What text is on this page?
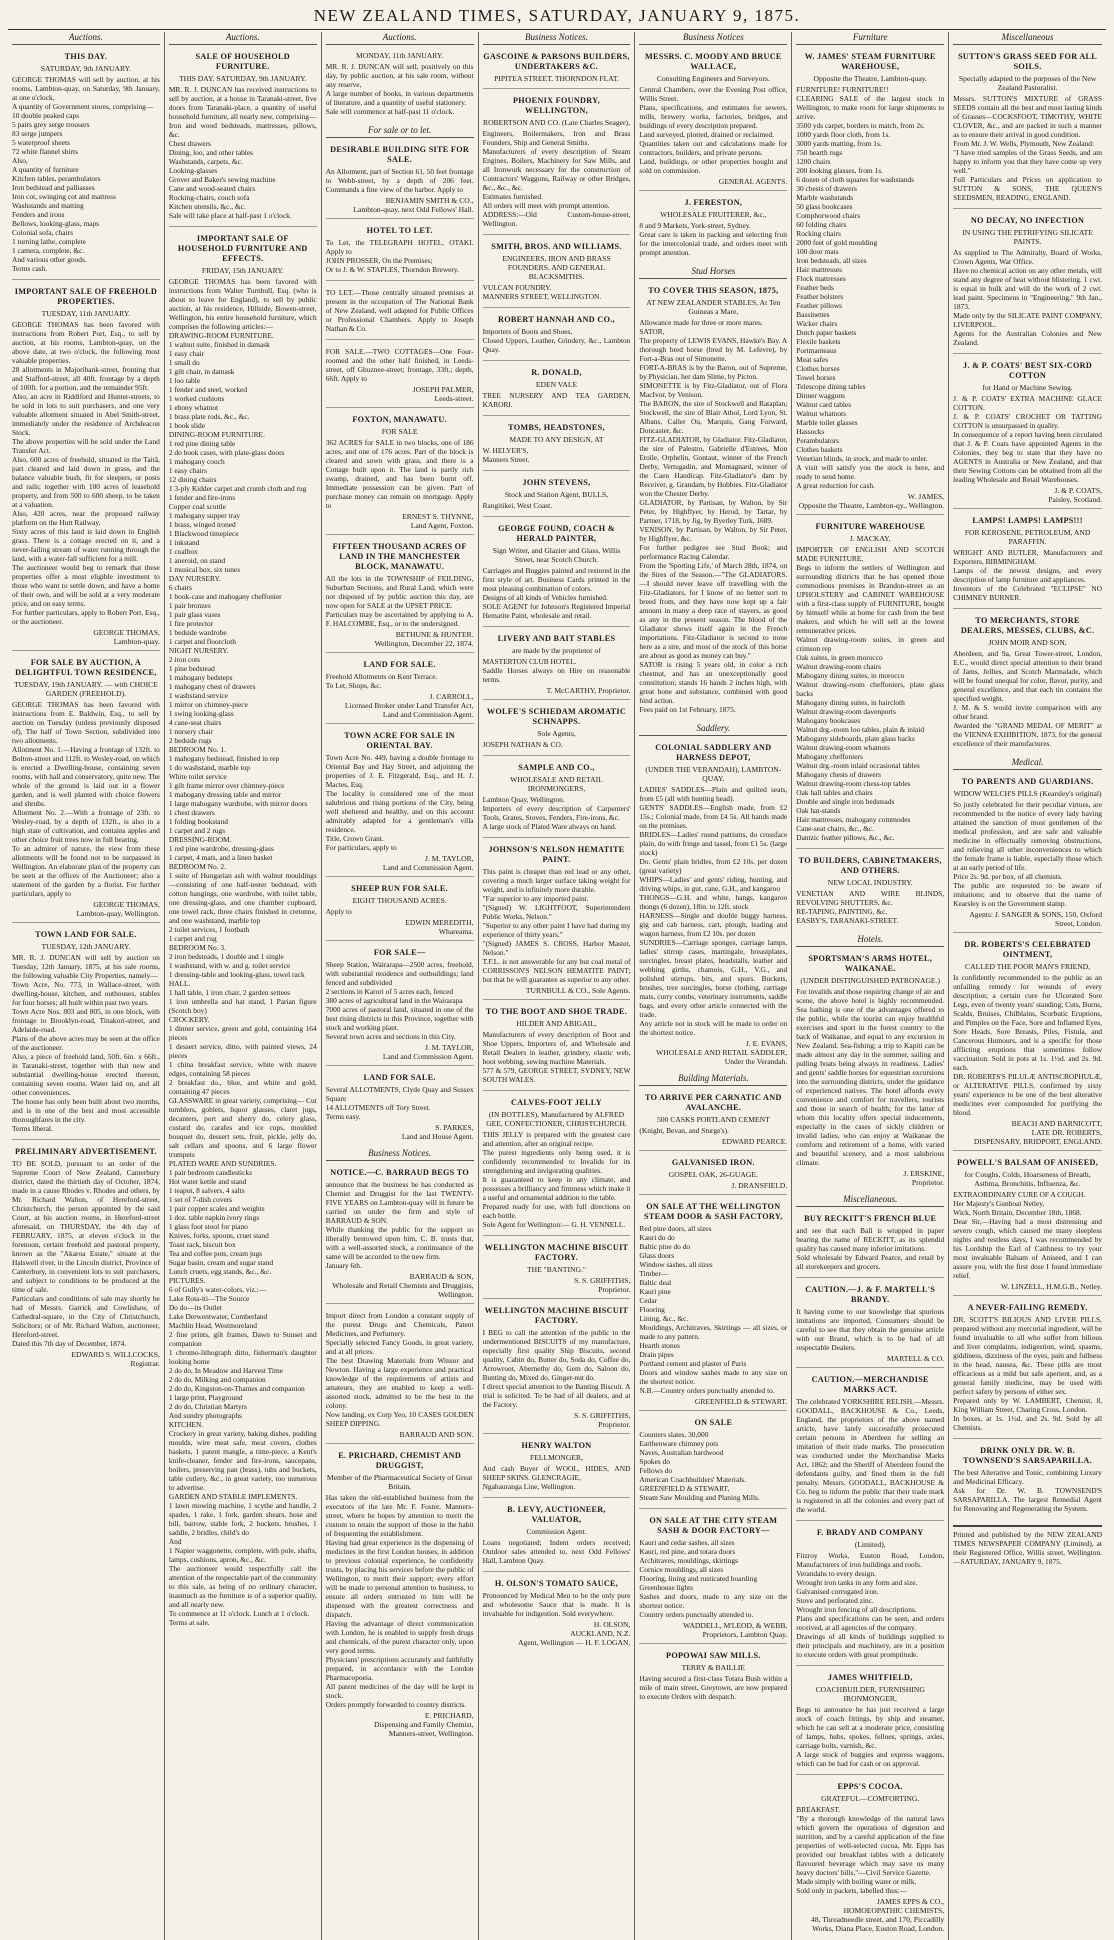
NEW ZEALAND TIMES, SATURDAY, JANUARY 9, 1875.
Auctions.
THIS DAY.
SATURDAY, 9th JANUARY.
GEORGE THOMAS will sell by auction, at his rooms, Lambton-quay, on Saturday, 9th January, at one o'clock,
A quantity of Government stores, comprising—
10 double peaked caps
5 pairs grey serge trousers
83 serge jumpers
5 waterproof sheets
72 white flannel shirts
Also,
A quantity of furniture
Kitchen tables, perambulators
Iron bedstead and palliasses
Iron cot, swinging cot and mattress
Washstands and matting
Fenders and irons
Bellows, looking-glass, maps
Colonial sofa, chairs
1 turning lathe, complete
1 camera, complete, &c.
And various other goods.
Terms cash.
IMPORTANT SALE OF FREEHOLD PROPERTIES.
TUESDAY, 11th JANUARY.
GEORGE THOMAS has been favored with instructions from Robert Port, Esq., to sell by auction, at his rooms, Lambton-quay, on the above date, at two o'clock, the following most valuable properties.
28 allotments in Majoribank-street, fronting that and Stafford-street, all 40ft. frontage by a depth of 100ft. for a portion, and the remainder 95ft.
Also, an acre in Riddiford and Hunter-streets, to be sold in lots to suit purchasers, and one very valuable allotment situated in Abel Smith-street, immediately under the residence of Archdeacon Stock.
The above properties will be sold under the Land Transfer Act.
Also, 600 acres of freehold, situated in the Taitā, part cleared and laid down in grass, and the balance valuable bush, fit for sleepers, or posts and rails; together with 100 acres of leasehold property, and from 500 to 600 sheep, to be taken at a valuation.
Also, 420 acres, near the proposed railway platform on the Hutt Railway.
Sixty acres of this land is laid down in English grass. There is a cottage erected on it, and a never-failing stream of water running through the land, with a water-fall sufficient for a mill.
The auctioneer would beg to remark that these properties offer a most eligible investment to those who want to settle down, and have a home of their own, and will be sold at a very moderate price, and on easy terms.
For further particulars, apply to Robert Port, Esq., or the auctioneer.
GEORGE THOMAS,
Lambton-quay.
FOR SALE BY AUCTION, A DELIGHTFUL TOWN RESIDENCE,
TUESDAY, 19th JANUARY. — with CHOICE GARDEN (FREEHOLD).
GEORGE THOMAS has been favored with instructions from E. Baldwin, Esq., to sell by auction on Tuesday (unless previously disposed of), The half of Town Section, subdivided into two allotments.
Allotment No. 1.—Having a frontage of 132ft. to Bolton-street and 112ft. to Wesley-road, on which is erected a Dwelling-house, containing seven rooms, with hall and conservatory, quite new. The whole of the ground is laid out in a flower garden, and is well planted with choice flowers and shrubs.
Allotment No. 2.—With a frontage of 23ft. to Wesley-road, by a depth of 132ft., is also in a high state of cultivation, and contains apples and other choice fruit trees now in full bearing.
To an admirer of nature, the view from these allotments will be found not to be surpassed in Wellington. An elaborate plan of the property can be seen at the offices of the Auctioneer; also a statement of the garden by a florist. For further particulars, apply to
GEORGE THOMAS,
Lambton-quay, Wellington.
TOWN LAND FOR SALE.
TUESDAY, 12th JANUARY.
MR. R. J. DUNCAN will sell by auction on Tuesday, 12th January, 1875, at his sale rooms, the following valuable City Properties, namely—
Town Acre, No. 773, in Wallace-street, with dwelling-house, kitchen, and outhouses, stables for four horses; all built within past two years.
Town Acre Nos. 803 and 805, in one block, with frontage to Brooklyn-road, Tinakori-street, and Adelaide-road.
Plans of the above acres may be seen at the office of the auctioneer.
Also, a piece of freehold land, 50ft. 6in. x 66ft., in Taranaki-street, together with that new and substantial dwelling-house erected thereon, containing seven rooms. Water laid on, and all other conveniences.
The house has only been built about two months, and is in one of the best and most accessible thoroughfares in the city.
Terms liberal.
PRELIMINARY ADVERTISEMENT.
TO BE SOLD, pursuant to an order of the Supreme Court of New Zealand, Canterbury district, dated the thirtieth day of October, 1874, made in a cause Rhodes v. Rhodes and others, by Mr. Richard Walton, of Hereford-street, Christchurch, the person appointed by the said Court, at his auction rooms, in Hereford-street aforesaid, on THURSDAY, the 4th day of FEBRUARY, 1875, at eleven o'clock in the forenoon, certain freehold and pastoral property, known as the "Akaroa Estate," situate at the Halswell river, in the Lincoln district, Province of Canterbury, in convenient lots to suit purchasers, and subject to conditions to be produced at the time of sale.
Particulars and conditions of sale may shortly be had of Messrs. Garrick and Cowlishaw, of Cathedral-square, in the City of Christchurch, Solicitors; or of Mr. Richard Walton, auctioneer, Hereford-street.
Dated this 7th day of December, 1874.
EDWARD S. WILLCOCKS,
Registrar.
Auctions.
SALE OF HOUSEHOLD FURNITURE.
THIS DAY. SATURDAY, 9th JANUARY.
MR. R. J. DUNCAN has received instructions to sell by auction, at a house in Taranaki-street, five doors from Taranaki-place, a quantity of useful household furniture, all nearly new, comprising—
Iron and wood bedsteads, mattresses, pillows, &c.
Chest drawers
Dining, loo, and other tables
Washstands, carpets, &c.
Looking-glasses
Grover and Baker's sewing machine
Cane and wood-seated chairs
Rocking-chairs, couch sofa
Kitchen utensils, &c., &c.
Sale will take place at half-past 1 o'clock.
IMPORTANT SALE OF HOUSEHOLD FURNITURE AND EFFECTS.
FRIDAY, 15th JANUARY.
GEORGE THOMAS has been favored with instructions from Walter Turnbull, Esq. (who is about to leave for England), to sell by public auction, at his residence, Hillside, Bowen-street, Wellington, his entire household furniture, which comprises the following articles:—
DRAWING-ROOM FURNITURE.
1 walnut suite, finished in damask
1 easy chair
1 small do
1 gilt chair, in damask
1 loo table
1 fender and steel, worked
1 worked cushions
1 ebony whatnot
1 brass plate rods, &c., &c.
1 book slide
DINING-ROOM FURNITURE.
1 red pine dining table
2 do book cases, with plate-glass doors
1 mahogany couch
1 easy chairs
12 dining chairs
1 3-ply Kidder carpet and crumb cloth and rug
1 fender and fire-irons
Copper coal scuttle
1 mahogany supper tray
1 brass, winged ironed
1 Blackwood timepiece
1 inkstand
1 coalbox
1 aneroid, on stand
1 musical box, six tunes
DAY NURSERY.
6 chairs
1 book-case and mahogany cheffonier
1 pair bronzes
1 pair glass vases
1 fire protector
1 bedside wardrobe
1 carpet and floorcloth
NIGHT NURSERY.
2 iron cots
1 pine bedstead
1 mahogany bedsteps
1 mahogany chest of drawers
1 washstand service
1 mirror on chimney-piece
1 swing looking-glass
4 cane-seat chairs
1 nursery chair
2 bedside rugs
BEDROOM No. 1.
1 mahogany bedstead, finished in rep
1 do washstand, marble top
White toilet service
1 gilt frame mirror over chimney-piece
1 mahogany dressing table and mirror
1 large mahogany wardrobe, with mirror doors
1 chest drawers
1 folding bookstand
1 carpet and 2 rugs
DRESSING-ROOM.
1 red pine wardrobe, dressing-glass
1 carpet, 4 mats, and a linen basket
BEDROOM No. 2.
1 suite of Hungarian ash with walnut mouldings—consisting of one half-tester bedstead, with cotton hangings, one wardrobe, with toilet table, one dressing-glass, and one chamber cupboard, one towel rack, three chairs finished in cretonne, and one washstand, marble top
2 toilet services, 1 footbath
1 carpet and rug
BEDROOM No. 3.
2 iron bedsteads, 1 double and 1 single
1 washstand, with w. and g. toilet service
1 dressing-table and looking-glass, towel rack
HALL.
1 hall table, 1 iron chair, 2 garden settees
1 iron umbrella and hat stand, 1 Parian figure (Scotch boy)
CROCKERY.
1 dinner service, green and gold, containing 164 pieces
1 dessert service, ditto, with painted views, 24 pieces
1 china breakfast service, white with mauve edges, containing 58 pieces
2 breakfast do., blue, and white and gold, containing 47 pieces
GLASSWARE in great variety, comprising— Cut tumblers, goblets, liquor glasses, claret jugs, decanters, port and sherry do, celery glass, custard do, carafes and ice cups, moulded bouquet do, dessert sets, fruit, pickle, jelly do, salt cellars and spoons, and 6 large flower trumpets
PLATED WARE AND SUNDRIES.
1 pair bedroom candlesticks
Hot water kettle and stand
1 teapot, 8 salvers, 4 salts
1 set of 7-dish covers
1 pair copper scales and weights
1 doz. table napkin ivory rings
1 glass foot stool for piano
Knives, forks, spoons, cruet stand
Toast rack, biscuit box
Tea and coffee pots, cream jugs
Sugar basin, cream and sugar stand
Lunch cruets, egg stands, &c., &c.
PICTURES.
6 of Gully's water-colors, viz.:—
Lake Rota-iti—The Source
Do do—its Outlet
Lake Derwentwater, Cumberland
Machlin Head, Westmoreland
2 fine prints, gilt frames, Dawn to Sunset and companion
1 chromo-lithograph ditto, fisherman's daughter looking home
2 do do, In Meadow and Harvest Time
2 do do, Milking and companion
2 do do, Kingston-on-Thames and companion
1 large print, Playground
2 do do, Christian Martyrs
And sundry photographs
KITCHEN.
Crockery in great variety, baking dishes, pudding moulds, wire meat safe, meat covers, clothes baskets, 1 patent mangle, a time-piece, a Kent's knife-cleaner, fender and fire-irons, saucepans, boilers, preserving pan (brass), tubs and buckets, table cutlery, &c., in great variety, too numerous to advertise.
GARDEN AND STABLE IMPLEMENTS.
1 lawn mowing machine, 1 scythe and handle, 2 spades, 1 rake, 1 fork, garden shears, hose and bill, barrow, stable fork, 2 buckets, brushes, 1 saddle, 2 bridles, child's do
And
1 Napier waggonette, complete, with pole, shafts, lamps, cushions, apron, &c., &c.
The auctioneer would respectfully call the attention of the respectable part of the community to this sale, as being of no ordinary character, inasmuch as the furniture is of a superior quality, and all nearly new.
To commence at 11 o'clock. Lunch at 1 o'clock.
Terms at sale.
Auctions.
MONDAY, 11th JANUARY.
MR. R. J. DUNCAN will sell, positively on this day, by public auction, at his sale room, without any reserve,
A large number of books, in various departments of literature, and a quantity of useful stationery.
Sale will commence at half-past 11 o'clock.
For sale or to let.
DESIRABLE BUILDING SITE FOR SALE.
An Allotment, part of Section 61, 50 feet frontage to Webb-street, by a depth of 206 feet. Commands a fine view of the harbor. Apply to
BENJAMIN SMITH & CO.,
Lambton-quay, next Odd Fellows' Hall.
HOTEL TO LET.
To Let, the TELEGRAPH HOTEL, OTAKI. Apply to
JOHN PROSSER, On the Premises;
Or to J. & W. STAPLES, Thorndon Brewery.
TO LET.—Those centrally situated premises at present in the occupation of The National Bank of New Zealand, well adapted for Public Offices or Professional Chambers. Apply to Joseph Nathan & Co.
FOR SALE.—TWO COTTAGES—One Four-roomed and the other half finished, in Leeds-street, off Ghuznee-street; frontage, 33ft.; depth, 66ft. Apply to
JOSEPH PALMER,
Leeds-street.
FOXTON, MANAWATU.
FOR SALE
362 ACRES for SALE in two blocks, one of 186 acres, and one of 176 acres. Part of the block is cleared and sown with grass, and there is a Cottage built upon it. The land is partly rich swamp, drained, and has been burnt off. Immediate possession can be given. Part of purchase money can remain on mortgage. Apply to
ERNEST S. THYNNE,
Land Agent, Foxton.
FIFTEEN THOUSAND ACRES OF LAND IN THE MANCHESTER BLOCK, MANAWATU.
All the lots in the TOWNSHIP of FEILDING, Suburban Sections, and Rural Land, which were not disposed of by public auction this day, are now open for SALE at the UPSET PRICE.
Particulars may be ascertained by applying to A. F. HALCOMBE, Esq., or to the undersigned.
BETHUNE & HUNTER.
Wellington, December 22, 1874.
LAND FOR SALE.
Freehold Allotments on Kent Terrace.
To Let, Shops, &c.
J. CARROLL,
Licensed Broker under Land Transfer Act,
Land and Commission Agent.
TOWN ACRE FOR SALE IN ORIENTAL BAY.
Town Acre No. 449, having a double frontage to Oriental Bay and Hay Street, and adjoining the properties of J. E. Fitzgerald, Esq., and H. J. Mactes, Esq.
The locality is considered one of the most salubrious and rising portions of the City, being well sheltered and healthy, and on this account admirably adapted for a gentleman's villa residence.
Title, Crown Grant.
For particulars, apply to
J. M. TAYLOR,
Land and Commission Agent.
SHEEP RUN FOR SALE.
EIGHT THOUSAND ACRES.
Apply to
EDWIN MEREDITH,
Whareama.
FOR SALE—
Sheep Station, Wairarapa—2500 acres, freehold, with substantial residence and outbuildings; land fenced and subdivided
2 sections in Karori of 5 acres each, fenced
380 acres of agricultural land in the Wairarapa
7000 acres of pastoral land, situated in one of the best rising districts in this Province, together with stock and working plant.
Several town acres and sections in this City.
J. M. TAYLOR,
Land and Commission Agent.
LAND FOR SALE.
Several ALLOTMENTS, Clyde Quay and Sussex Square
14 ALLOTMENTS off Tory Street.
Terms easy.
S. PARKES,
Land and House Agent.
Business Notices.
NOTICE.—C. BARRAUD BEGS TO
announce that the business he has conducted as Chemist and Druggist for the last TWENTY-FIVE YEARS on Lambton-quay will in future be carried on under the firm and style of BARRAUD & SON.
While thanking the public for the support so liberally bestowed upon him, C. B. trusts that, with a well-assorted stock, a continuance of the same will be accorded to the new firm.
January 6th.
BARRAUD & SON,
Wholesale and Retail Chemists and Druggists,
Wellington.
Import direct from London a constant supply of the purest Drugs and Chemicals, Patent Medicines, and Perfumery.
Specially selected Fancy Goods, in great variety, and at all prices.
The best Drawing Materials from Winsor and Newton. Having a large experience and practical knowledge of the requirements of artists and amateurs, they are enabled to keep a well-assorted stock, admitted to be the best in the colony.
Now landing, ex Corp Yeo, 10 CASES GOLDEN SHEEP DIPPING.
BARRAUD AND SON.
E. PRICHARD, CHEMIST AND DRUGGIST,
Member of the Pharmaceutical Society of Great Britain,
Has taken the old-established business from the executors of the late Mr. F. Foster, Manners-street, where he hopes by attention to merit the custom to retain the support of those in the habit of frequenting the establishment.
Having had great experience in the dispensing of medicines in the first London houses, in addition to previous colonial experience, he confidently trusts, by placing his services before the public of Wellington, to merit their support; every effort will be made to personal attention to business, to ensure all orders entrusted to him will be dispensed with the greatest correctness and dispatch.
Having the advantage of direct communication with London, he is enabled to supply fresh drugs and chemicals, of the purest character only, upon very good terms.
Physicians' prescriptions accurately and faithfully prepared, in accordance with the London Pharmacopoeia.
All patent medicines of the day will be kept in stock.
Orders promptly forwarded to country districts.
E. PRICHARD,
Dispensing and Family Chemist,
Manners-street, Wellington.
Business Notices.
GASCOINE & PARSONS BUILDERS, UNDERTAKERS &C.
PIPITEA STREET, THORNDON FLAT.
PHOENIX FOUNDRY, WELLINGTON,
ROBERTSON AND CO. (Late Charles Seager),
Engineers, Boilermakers, Iron and Brass Founders, Ship and General Smiths.
Manufacturers of every description of Steam Engines, Boilers, Machinery for Saw Mills, and all Ironwork necessary for the construction of Contractors' Waggons, Railway or other Bridges, &c., &c., &c.
Estimates furnished.
All orders will meet with prompt attention.
ADDRESS:—Old Custom-house-street, Wellington.
SMITH, BROS. AND WILLIAMS.
ENGINEERS, IRON AND BRASS FOUNDERS, AND GENERAL BLACKSMITHS.
VULCAN FOUNDRY.
MANNERS STREET, WELLINGTON.
ROBERT HANNAH AND CO.,
Importers of Boots and Shoes,
Closed Uppers, Leather, Grindery, &c., Lambton Quay.
R. DONALD,
EDEN VALE
TREE NURSERY AND TEA GARDEN, KARORI.
TOMBS, HEADSTONES,
MADE TO ANY DESIGN, AT
W. HELYER'S,
Manners Street.
JOHN STEVENS,
Stock and Station Agent, BULLS,
Rangitikei, West Coast.
GEORGE FOUND, COACH & HERALD PAINTER,
Sign Writer, and Glazier and Glass, Willis Street, near Scotch Church.
Carriages and Buggies painted and restored in the first style of art. Business Cards printed in the most pleasing combination of colors.
Designs of all kinds of Vehicles furnished.
SOLE AGENT for Johnson's Registered Imperial Hematite Paint, wholesale and retail.
LIVERY AND BAIT STABLES
are made by the proprietor of
MASTERTON CLUB HOTEL.
Saddle Horses always on Hire on reasonable terms.
T. McCARTHY, Proprietor.
WOLFE'S SCHIEDAM AROMATIC SCHNAPPS.
Sole Agents,
JOSEPH NATHAN & CO.
SAMPLE AND CO.,
WHOLESALE AND RETAIL IRONMONGERS,
Lambton Quay, Wellington.
Importers of every description of Carpenters' Tools, Grates, Stoves, Fenders, Fire-irons, &c.
A large stock of Plated Ware always on hand.
JOHNSON'S NELSON HEMATITE PAINT.
This paint is cheaper than red lead or any other, covering a much larger surface taking weight for weight, and is infinitely more durable.
"Far superior to any imported paint.
"(Signed) W. LIGHTFOOT, Superintendent Public Works, Nelson."
"Superior to any other paint I have had during my experience of thirty years."
"(Signed) JAMES S. CROSS, Harbor Master, Nelson."
T.F.L. is not answerable for any but coal metal of CORRISSON'S NELSON HEMATITE PAINT; but that he will guarantee as superior to any other.
TURNBULL & CO., Sole Agents.
TO THE BOOT AND SHOE TRADE.
HILDER AND ABIGAIL,
Manufacturers of every description of Boot and Shoe Uppers, Importers of, and Wholesale and Retail Dealers in leather, grindery, elastic web, boot webbing, sewing machine Materials.
577 & 579, GEORGE STREET, SYDNEY, NEW SOUTH WALES.
CALVES-FOOT JELLY
(IN BOTTLES), Manufactured by ALFRED GEE, CONFECTIONER, CHRISTCHURCH.
THIS JELLY is prepared with the greatest care and attention, after an original recipe.
The purest ingredients only being used, it is confidently recommended to Invalids for its strengthening and invigorating qualities.
It is guaranteed to keep in any climate, and possesses a brilliancy and firmness which make it a useful and ornamental addition to the table.
Prepared ready for use, with full directions on each bottle.
Sole Agent for Wellington:— G. H. VENNELL.
WELLINGTON MACHINE BISCUIT FACTORY.
THE "BANTING."
S. S. GRIFFITHS,
Proprietor.
WELLINGTON MACHINE BISCUIT FACTORY.
I BEG to call the attention of the public to the undermentioned BISCUITS of my manufacture, especially first quality Ship Biscuits, second quality, Cabin do, Butter do, Soda do, Coffee do, Arrowroot, Abernethy do, Gem do, Saloon do, Bunting do, Mixed do, Ginger-nut do.
I direct special attention to the Banting Biscuit. A trial is solicited. To be had of all dealers, and at the Factory.
S. S. GRIFFITHS,
Proprietor.
HENRY WALTON
FELLMONGER,
And cash Buyer of WOOL, HIDES, AND SHEEP SKINS. GLENCRAGIE,
Ngahauranga Line, Wellington.
B. LEVY, AUCTIONEER, VALUATOR,
Commission Agent.
Loans negotiated; Indent orders received; Outdoor sales attended to, next Odd Fellows' Hall, Lambton Quay.
H. OLSON'S TOMATO SAUCE,
Pronounced by Medical Men to be the only pure and wholesome Sauce that is made. It is invaluable for indigestion. Sold everywhere.
H. OLSON,
AUCKLAND, N.Z.
Agent, Wellington — H. F. LOGAN.
Business Notices
MESSRS. C. MOODY AND BRUCE WALLACE,
Consulting Engineers and Surveyors.
Central Chambers, over the Evening Post office, Willis Street.
Plans, specifications, and estimates for sewers, mills, brewery works, factories, bridges, and buildings of every description prepared.
Land surveyed, plotted, drained or reclaimed.
Quantities taken out and calculations made for contractors, builders, and private persons.
Land, buildings, or other properties bought and sold on commission.
GENERAL AGENTS.
J. FERESTON,
WHOLESALE FRUITERER, &c.,
8 and 9 Markets, York-street, Sydney.
Great care is taken in packing and selecting fruit for the intercolonial trade, and orders meet with prompt attention.
Stud Horses
TO COVER THIS SEASON, 1875,
AT NEW ZEALANDER STABLES, At Ten Guineas a Mare,
Allowance made for three or more mares.
SATOR,
The property of LEWIS EVANS, Hawke's Bay. A thorough bred horse (bred by M. Lefevre), by Fort-a-Bras out of Simonette.
FORT-A-BRAS is by the Baron, out of Supreme, by Physician, her dam Slime, by Picton.
SIMONETTE is by Fitz-Gladiator, out of Flora MacIvor, by Venison.
The BARON, the sire of Stockwell and Rataplan; Stockwell, the sire of Blair Athol, Lord Lyon, St. Albans, Caller Ou, Marquis, Gang Forward, Doncaster, &c.
FITZ-GLADIATOR, by Gladiator. Fitz-Gladiator, the sire of Palestro, Gabrielle d'Estrees, Mon Etoile, Orphelin, Gontaut, winner of the French Derby, Vertugadin, and Montagnard, winner of the Caen Handicap. Fitz-Gladiator's dam by Receiver, g. Grandam, by Hobbies. Fitz-Gladiator won the Chester Derby.
GLADIATOR, by Partisan, by Walton, by Sir Peter, by Highflyer, by Herod, by Tartar, by Partner, 1718, by Jig, by Byerley Turk, 1689.
VENISON, by Partisan, by Walton, by Sir Peter, by Highflyer, &c.
For further pedigree see Stud Book; and performance Racing Calendar.
From the 'Sporting Life,' of March 28th, 1874, on the Sires of the Season.—"The GLADIATORS.—I should never leave off travelling with the Fitz-Gladiators, for I know of no better sort to breed from, and they have now kept up a fair amount in many a deep race of stayers, as good as any in the present season. The blood of the Gladiator shows itself again in the French importations. Fitz-Gladiator is second to none here as a sire, and most of the stock of this horse are about as good as money can buy."
SATOR is rising 5 years old, in color a rich chestnut, and has an unexceptionally good constitution; stands 16 hands 2 inches high, with great bone and substance, combined with good hind action.
Fees paid on 1st February, 1875.
Saddlery.
COLONIAL SADDLERY AND HARNESS DEPOT,
(UNDER THE VERANDAH), LAMBTON-QUAY.
LADIES' SADDLES—Plain and quilted seats, from £5 (all with hunting head).
GENTS' SADDLES—English made, from £2 15s.; Colonial made, from £4 5s. All hands made on the premises.
BRIDLES—Ladies' round pattisms, do crossface plain, do with fringe and tassel, from £1 5s. (large stock)
Do. Gents' plain bridles, from £2 10s. per dozen (great variety)
WHIPS—Ladies' and gents' riding, hunting, and driving whips, in gut, cane, G.H., and kangaroo
THONGS—G.H. and white, hangs, kangaroo thongs (6 dozen), 18in. to 12ft. stock
HARNESS—Single and double buggy harness, gig and cab harness, cart, plough, leading and wagon harness, from £2 10s. per dozen
SUNDRIES—Carriage sponges, carriage lamps, ladies' stirrup cases, martingale, breastplates, surcingles, breast plates, headstalls, leather and webbing girths, chamois, G.H., V.G., and polished stirrups, bits, and spurs. Buckets, brushes, tree surcingles, horse clothing, carriage mats, curry combs, veterinary instruments, saddle bags, and every other article connected with the trade.
Any article not in stock will be made to order on the shortest notice.
J. E. EVANS,
WHOLESALE AND RETAIL SADDLER,
Under the Verandah.
Building Materials.
TO ARRIVE PER CARNATIC AND AVALANCHE.
500 CASKS PORTLAND CEMENT
(Knight, Bevan, and Sturge's).
EDWARD PEARCE.
GALVANISED IRON.
GOSPEL OAK, 26-GUAGE.
J. DRANSFIELD.
ON SALE AT THE WELLINGTON STEAM DOOR & SASH FACTORY,
Red pine doors, all sizes
Kauri do do
Baltic pine do do
Glass doors
Window sashes, all sizes
Timber—
Baltic deal
Kauri pine
Cedar
Flooring
Lining, &c., &c.
Mouldings, Architraves, Skirtings — all sizes, or made to any pattern.
Hearth stones
Drain pipes
Portland cement and plaster of Paris
Doors and window sashes made to any size on the shortest notice.
N.B.—Country orders punctually attended to.
GREENFIELD & STEWART.
ON SALE
Counters slates, 30,000
Earthenware chimney pots
Naves, Australian hardwood
Spokes do
Fellows do
American Coachbuilders' Materials.
GREENFIELD & STEWART,
Steam Saw Moulding and Planing Mills.
ON SALE AT THE CITY STEAM SASH & DOOR FACTORY—
Kauri and cedar sashes, all sizes
Kauri, red pine, and totara doors
Architraves, mouldings, skirtings
Cornice mouldings, all sizes
Flooring, lining and rusticated boarding
Greenhouse lights
Sashes and doors, made to any size on the shortest notice.
Country orders punctually attended to.
WADDELL, M'LEOD, & WEBB,
Proprietors, Lambton Quay.
POPOWAI SAW MILLS.
TERRY & BAILLIE
Having secured a first-class Totara Bush within a mile of main street, Greytown, are now prepared to execute Orders with despatch.
Furniture
W. JAMES' STEAM FURNITURE WAREHOUSE,
Opposite the Theatre, Lambton-quay.
FURNITURE! FURNITURE!!
CLEARING SALE of the largest stock in Wellington, to make room for large shipments to arrive.
3500 yds carpet, borders to match, from 2s.
1000 yards floor cloth, from 1s.
3000 yards matting, from 1s.
750 hearth rugs
1200 chairs
200 looking glasses, from 1s.
6 dozen of cloth squares for washstands
30 chests of drawers
Marble washstands
50 glass bookcases
Comphorwood chairs
60 folding chairs
Rocking chairs
2000 feet of gold moulding
100 door mats
Iron bedsteads, all sizes
Hair mattresses
Flock mattresses
Feather beds
Feather bolsters
Feather pillows
Bassinettes
Wicker chairs
Dutch paper baskets
Flexile baskets
Portmanteaus
Meat safes
Clothes horses
Towel horses
Telescope dining tables
Dinner waggons
Walnut card tables
Walnut whatnots
Marble toilet glasses
Hassocks
Perambulators
Clothes baskets
Venetian blinds, in stock, and made to order.
A visit will satisfy you the stock is here, and ready to send home.
A great reduction for cash.
W. JAMES,
Opposite the Theatre, Lambton-qy., Wellington.
FURNITURE WAREHOUSE
J. MACKAY,
IMPORTER OF ENGLISH AND SCOTCH MADE FURNITURE,
Begs to inform the settlers of Wellington and surrounding districts that he has opened those commodious premises in Brandon-street as an UPHOLSTERY and CABINET WAREHOUSE with a first-class supply of FURNITURE, bought by himself while at home for cash from the best makers, and which he will sell at the lowest remunerative prices.
Walnut drawing-room suites, in green and crimson rep
Oak suites, in green moroccо
Walnut drawing-room chairs
Mahogany dining suites, in moroccо
Walnut drawing-room cheffoniers, plate glass backs
Mahogany dining suites, in haircloth
Walnut drawing-room davenports
Mahogany bookcases
Walnut drg.-room loo tables, plain & inlaid
Mahogany sideboards, plate glass backs
Walnut drawing-room whatnots
Mahogany cheffoniers
Walnut drg.-room inlaid occasional tables
Mahogany chests of drawers
Walnut drawing-room chess-top tables
Oak hall tables and chairs
Double and single iron bedsteads
Oak hat-stands
Hair mattresses, mahogany commodes
Cane-seat chairs, &c., &c.
Dantzic feather pillows, &c., &c.
TO BUILDERS, CABINETMAKERS, AND OTHERS.
NEW LOCAL INDUSTRY.
VENETIAN AND WIRE BLINDS, REVOLVING SHUTTERS, &c.
RE-TAPING, PAINTING, &c.
EASBY'S, TARANAKI-STREET.
Hotels.
SPORTSMAN'S ARMS HOTEL, WAIKANAE.
(UNDER DISTINGUISHED PATRONAGE.)
For invalids and those requiring change of air and scene, the above hotel is highly recommended. Sea bathing is one of the advantages offered to the public, while the tourist can enjoy healthful exercises and sport in the forest country to the back of Waikanae, and equal to any excursion in New Zealand. Sea-fishing; a trip to Kapiti can be made almost any day in the summer, sailing and pulling boats being always in readiness. Ladies' and gents' saddle horses for equestrian excursions into the surrounding districts, under the guidance of experienced natives. The hotel affords every convenience and comfort for travellers, tourists and those in search of health; for the latter of whom this locality offers special inducements, especially in the cases of sickly children or invalid ladies, who can enjoy at Waikanae the comforts and retirement of a home, with varied and beautiful scenery, and a most salubrious climate.
J. ERSKINE,
Proprietor.
Miscellaneous.
BUY RECKITT'S FRENCH BLUE
and see that each Ball is wrapped in paper bearing the name of RECKITT, as its splendid quality has caused many inferior imitations.
Sold wholesale by Edward Pearce, and retail by all storekeepers and grocers.
CAUTION.—J. & F. MARTELL'S BRANDY.
It having come to our knowledge that spurious imitations are imported, Consumers should be careful to see that they obtain the genuine article with our Brand, which is to be had of all respectable Dealers.
MARTELL & CO.
CAUTION.—MERCHANDISE MARKS ACT.
The celebrated YORKSHIRE RELISH.—Messrs. GOODALL, BACKHOUSE & Co., Leeds, England, the proprietors of the above named article, have lately successfully prosecuted certain persons in Aberdeen for selling an imitation of their trade marks. The prosecution was conducted under the Merchandise Marks Act, 1862; and the Sheriff of Aberdeen found the defendants guilty, and fined them in the full penalty. Messrs. GOODALL, BACKHOUSE & Co. beg to inform the public that their trade mark is registered in all the colonies and every part of the world.
F. BRADY AND COMPANY
(Limited),
Fitzroy Works, Euston Road, London, Manufacturers of iron buildings and roofs.
Verandahs to every design.
Wrought iron tanks in any form and size.
Galvanised corrugated iron.
Stove and perforated zinc.
Wrought iron fencing of all descriptions.
Plans and specifications can be seen, and orders received, at all agencies of the company.
Drawings of all kinds of buildings supplied to their principals and machinery, are in a position to execute orders with great promptitude.
JAMES WHITFIELD,
COACHBUILDER, FURNISHING IRONMONGER,
Begs to announce he has just received a large stock of coach fittings, by ship and steamer, which he can sell at a moderate price, consisting of lamps, hubs, spokes, felloes, springs, axles, carriage bolts, varnish, &c.
A large stock of buggies and express waggons, which can be had for cash or on approval.
EPPS'S COCOA.
GRATEFUL—COMFORTING.
BREAKFAST.
"By a thorough knowledge of the natural laws which govern the operations of digestion and nutrition, and by a careful application of the fine properties of well-selected cocoa, Mr. Epps has provided our breakfast tables with a delicately flavoured beverage which may save us many heavy doctors' bills."—Civil Service Gazette.
Made simply with boiling water or milk.
Sold only in packets, labelled thus:—
JAMES EPPS & CO.,
HOMOEOPATHIC CHEMISTS,
48, Threadneedle street, and 170, Piccadilly
Works, Diana Place, Euston Road, London.
Miscellaneous
SUTTON'S GRASS SEED FOR ALL SOILS.
Specially adapted to the purposes of the New Zealand Pastoralist.
Messrs. SUTTON'S MIXTURE of GRASS SEEDS contain all the best and most lasting kinds of Grasses—COCKSFOOT, TIMOTHY, WHITE CLOVER, &c., and are packed in such a manner as to ensure their arrival in good condition.
From Mr. J. W. Wells, Plymouth, New Zealand:
"I have tried samples of the Grass Seeds, and am happy to inform you that they have come up very well."
Full Particulars and Prices on application to SUTTON & SONS, THE QUEEN'S SEEDSMEN, READING, ENGLAND.
NO DECAY, NO INFECTION
IN USING THE PETRIFYING SILICATE PAINTS.
As supplied to The Admiralty, Board of Works, Crown Agents, War Office.
Have no chemical action on any other metals, will stand any degree of heat without blistering. 1 cwt. is equal in bulk and will do the work of 2 cwt. lead paint. Specimens in "Engineering," 9th Jan., 1873.
Made only by the SILICATE PAINT COMPANY, LIVERPOOL.
Agents for the Australian Colonies and New Zealand.
J. & P. COATS' BEST SIX-CORD COTTON
for Hand or Machine Sewing.
J. & P. COATS' EXTRA MACHINE GLACE COTTON.
J. & P. COATS' CROCHET OR TATTING COTTON is unsurpassed in quality.
In consequence of a report having been circulated that J. & P. Coats have appointed Agents in the Colonies, they beg to state that they have no AGENTS in Australia or New Zealand, and that their Sewing Cottons can be obtained from all the leading Wholesale and Retail Warehouses.
J. & P. COATS,
Paisley, Scotland.
LAMPS! LAMPS! LAMPS!!!
FOR KEROSENE, PETROLEUM, AND PARAFFIN.
WRIGHT AND BUTLER, Manufacturers and Exporters, BIRMINGHAM.
Lamps of the newest designs, and every description of lamp furniture and appliances.
Inventors of the Celebrated "ECLIPSE" NO CHIMNEY BURNER.
TO MERCHANTS, STORE DEALERS, MESSES, CLUBS, &C.
JOHN MOIR AND SON,
Aberdeen, and 9a, Great Tower-street, London, E.C., would direct special attention to their brand of Jams, Jellies, and Scotch Marmalade, which will be found unequal for color, flavor, purity, and general excellence, and that each tin contains the specified weight.
J. M. & S. would invite comparison with any other brand.
Awarded the "GRAND MEDAL OF MERIT" at the VIENNA EXHIBITION, 1873, for the general excellence of their manufactures.
Medical.
TO PARENTS AND GUARDIANS.
WIDOW WELCH'S PILLS (Kearsley's original)
So justly celebrated for their peculiar virtues, are recommended to the notice of every lady having attained the sanction of most gentlemen of the medical profession, and are safe and valuable medicine in effectually removing obstructions, and relieving all other inconveniences to which the female frame is liable, especially those which at an early period of life.
Price 2s. 9d. per box, of all chemists.
The public are requested to be aware of imitations; and to observe that the name of Kearsley is on the Government stamp.
Agents: J. SANGER & SONS, 150, Oxford Street, London.
DR. ROBERTS'S CELEBRATED OINTMENT,
CALLED THE POOR MAN'S FRIEND,
Is confidently recommended to the public as an unfailing remedy for wounds of every description; a certain cure for Ulcerated Sore Legs, even of twenty years' standing; Cuts, Burns, Scalds, Bruises, Chilblains, Scorbutic Eruptions, and Pimples on the Face, Sore and Inflamed Eyes, Sore Heads, Sore Breasts, Piles, Fistula, and Cancerous Humours, and is a specific for those afflicting eruptions that sometimes follow vaccination. Sold in pots at 1s. 1½d. and 2s. 9d. each.
DR. ROBERTS'S PILULÆ ANTISCROPHULÆ, or ALTERATIVE PILLS, confirmed by sixty years' experience to be one of the best alterative medicines ever compounded for purifying the blood.
BEACH AND BARNICOTT,
LATE DR. ROBERTS,
DISPENSARY, BRIDPORT, ENGLAND.
POWELL'S BALSAM OF ANISEED,
for Coughs, Colds, Hoarseness of Breath, Asthma, Bronchitis, Influenza, &c.
EXTRAORDINARY CURE OF A COUGH.
Her Majesty's Gunboat Netley,
Wick, North Britain, December 18th, 1868.
Dear Sir,—Having had a most distressing and severe cough, which caused me many sleepless nights and restless days, I was recommended by his Lordship the Earl of Caithness to try your most invaluable Balsam of Aniseed, and I can assure you, with the first dose I found immediate relief.
W. LINZELL, H.M.G.B., Netley.
A NEVER-FAILING REMEDY.
DR. SCOTT'S BILIOUS AND LIVER PILLS, prepared without any mercurial ingredient, will be found invaluable to all who suffer from bilious and liver complaints, indigestion, wind, spasms, giddiness, dizziness of the eyes, pain and fullness in the head, nausea, &c. These pills are most efficacious as a mild but safe aperient, and, as a general family medicine, may be used with perfect safety by persons of either sex.
Prepared only by W. LAMBERT, Chemist, 8, King William Street, Charing Cross, London.
In boxes, at 1s. 1½d. and 2s. 9d. Sold by all Chemists.
DRINK ONLY DR. W. B. TOWNSEND'S SARSAPARILLA.
The best Alterative and Tonic, combining Luxury and Medicinal Efficacy.
Ask for Dr. W. B. TOWNSEND'S SARSAPARILLA. The largest Remedial Agent for Renovating and Regenerating the System.
Printed and published by the NEW ZEALAND TIMES NEWSPAPER COMPANY (Limited), at their Registered Office, Willis street, Wellington.—SATURDAY, JANUARY 9, 1875.
